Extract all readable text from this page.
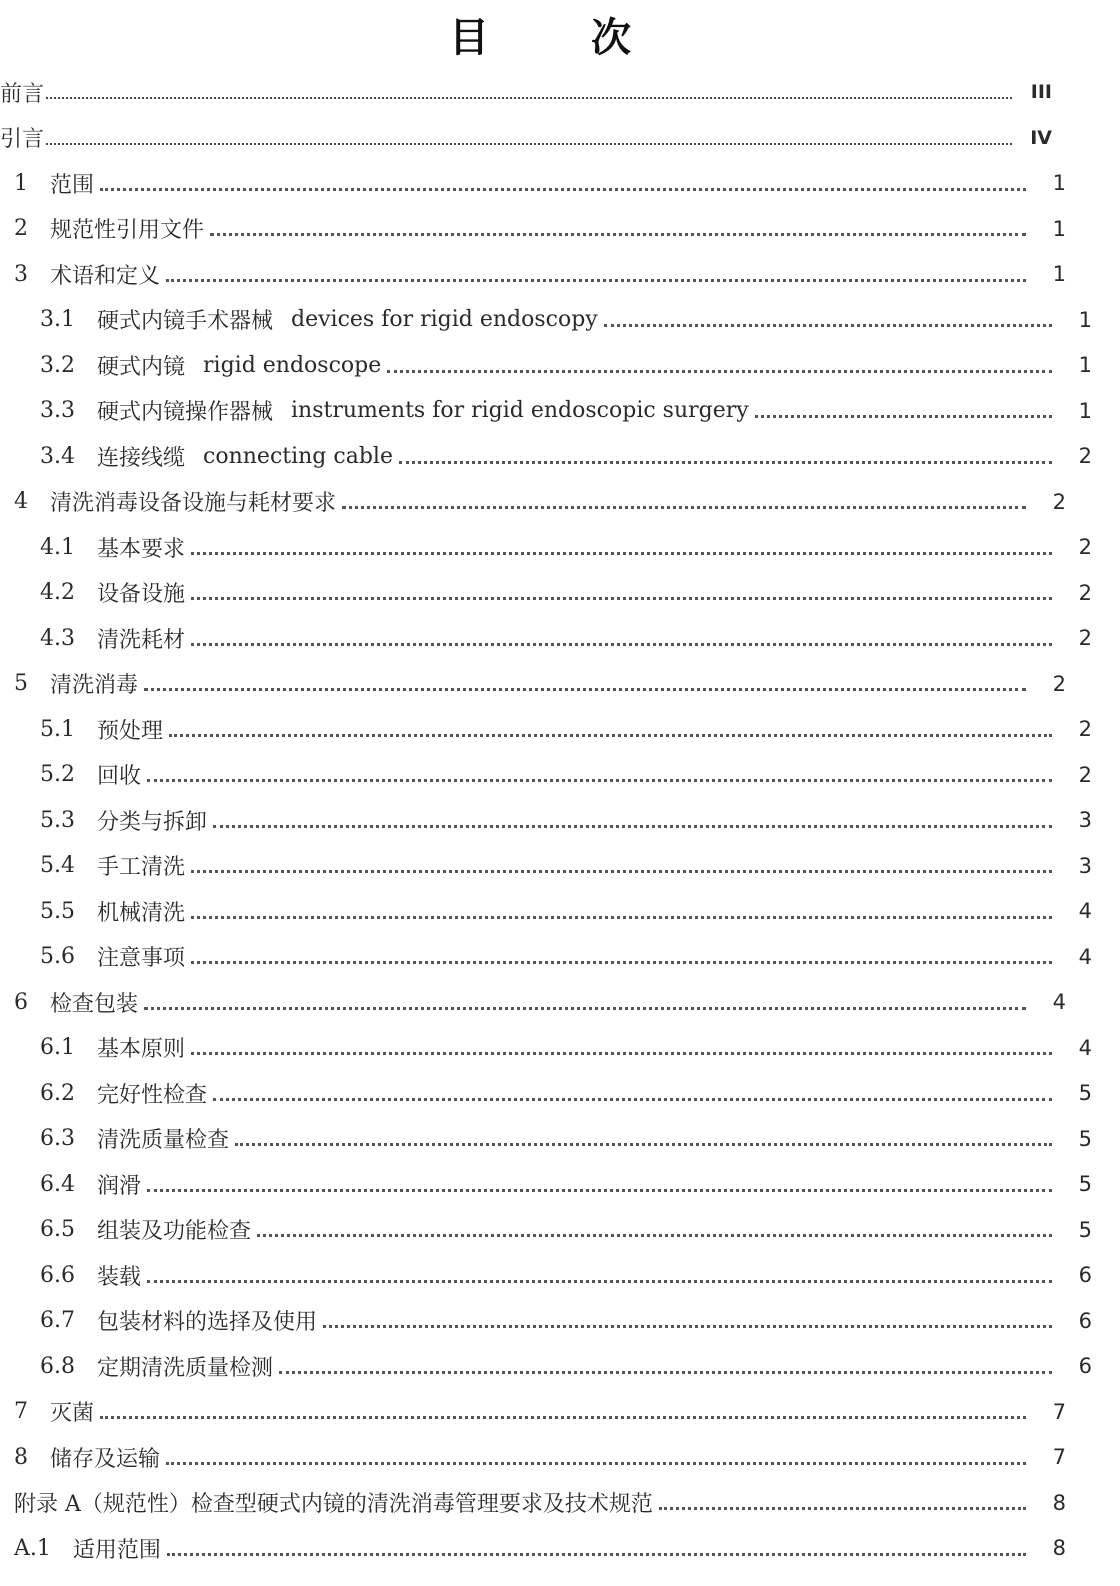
目 次
前言	III
引言	IV
1 范围	1
2 规范性引用文件	1
3 术语和定义	1
3.1 硬式内镜手术器械 devices for rigid endoscopy	1
3.2 硬式内镜 rigid endoscope	1
3.3 硬式内镜操作器械 instruments for rigid endoscopic surgery	1
3.4 连接线缆 connecting cable	2
4 清洗消毒设备设施与耗材要求	2
4.1 基本要求	2
4.2 设备设施	2
4.3 清洗耗材	2
5 清洗消毒	2
5.1 预处理	2
5.2 回收	2
5.3 分类与拆卸	3
5.4 手工清洗	3
5.5 机械清洗	4
5.6 注意事项	4
6 检查包装	4
6.1 基本原则	4
6.2 完好性检查	5
6.3 清洗质量检查	5
6.4 润滑	5
6.5 组装及功能检查	5
6.6 装载	6
6.7 包装材料的选择及使用	6
6.8 定期清洗质量检测	6
7 灭菌	7
8 储存及运输	7
附录 A（规范性）检查型硬式内镜的清洗消毒管理要求及技术规范	8
A.1 适用范围	8
